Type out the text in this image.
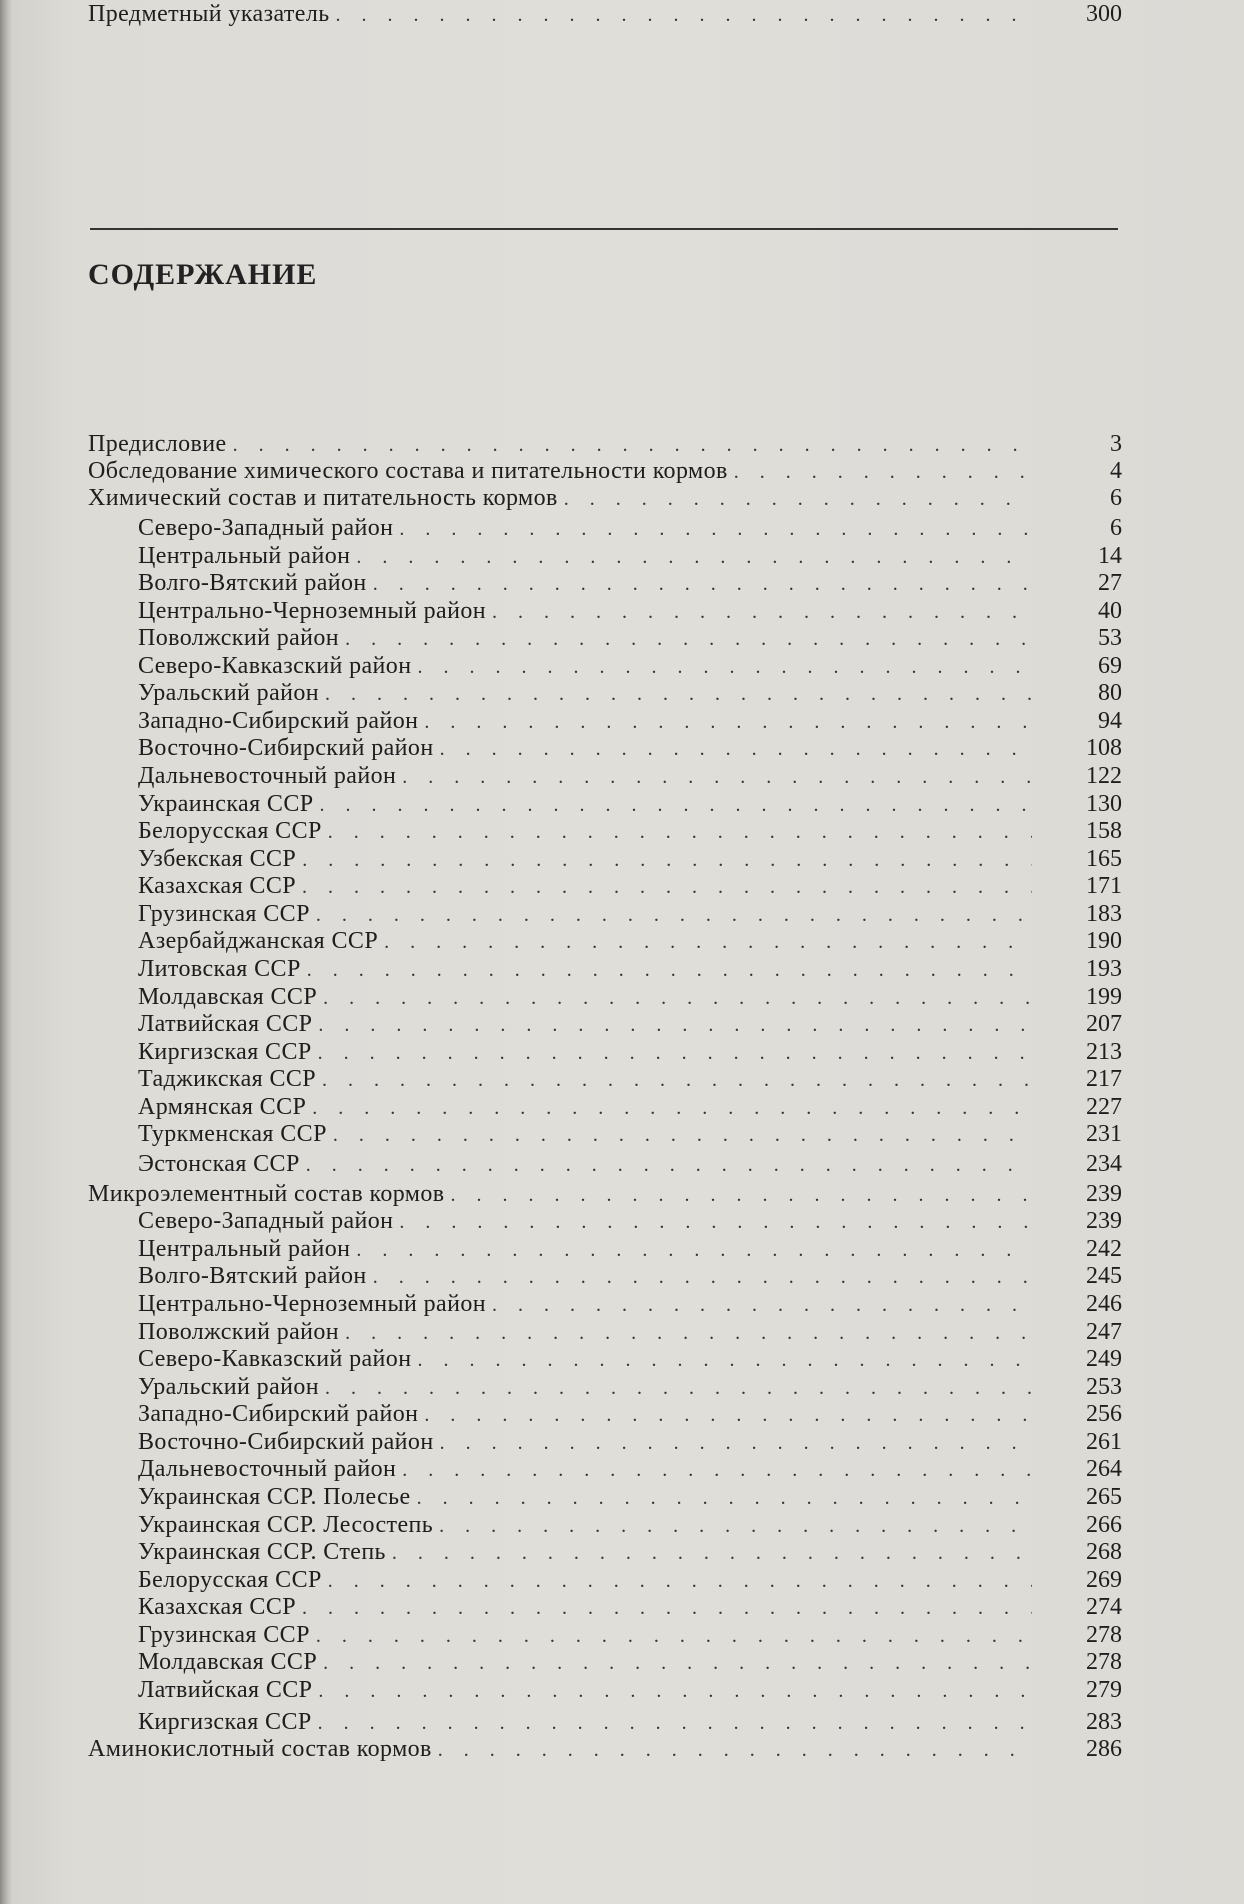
СОДЕРЖАНИЕ
Предисловие . . .	3
Обследование химического состава и питательности кормов . . .	4
Химический состав и питательность кормов . . .	6
Северо-Западный район . . .	6
Центральный район . . .	14
Волго-Вятский район . . .	27
Центрально-Черноземный район . . .	40
Поволжский район . . .	53
Северо-Кавказский район . . .	69
Уральский район . . .	80
Западно-Сибирский район . . .	94
Восточно-Сибирский район . . .	108
Дальневосточный район . . .	122
Украинская ССР . . .	130
Белорусская ССР . . .	158
Узбекская ССР . . .	165
Казахская ССР . . .	171
Грузинская ССР . . .	183
Азербайджанская ССР . . .	190
Литовская ССР . . .	193
Молдавская ССР . . .	199
Латвийская ССР . . .	207
Киргизская ССР . . .	213
Таджикская ССР . . .	217
Армянская ССР . . .	227
Туркменская ССР . . .	231
Эстонская ССР . . .	234
Микроэлементный состав кормов . . .	239
Северо-Западный район . . .	239
Центральный район . . .	242
Волго-Вятский район . . .	245
Центрально-Черноземный район . . .	246
Поволжский район . . .	247
Северо-Кавказский район . . .	249
Уральский район . . .	253
Западно-Сибирский район . . .	256
Восточно-Сибирский район . . .	261
Дальневосточный район . . .	264
Украинская ССР. Полесье . . .	265
Украинская ССР. Лесостепь . . .	266
Украинская ССР. Степь . . .	268
Белорусская ССР . . .	269
Казахская ССР . . .	274
Грузинская ССР . . .	278
Молдавская ССР . . .	278
Латвийская ССР . . .	279
Киргизская ССР . . .	283
Аминокислотный состав кормов . . .	286
Предметный указатель . . .	300
